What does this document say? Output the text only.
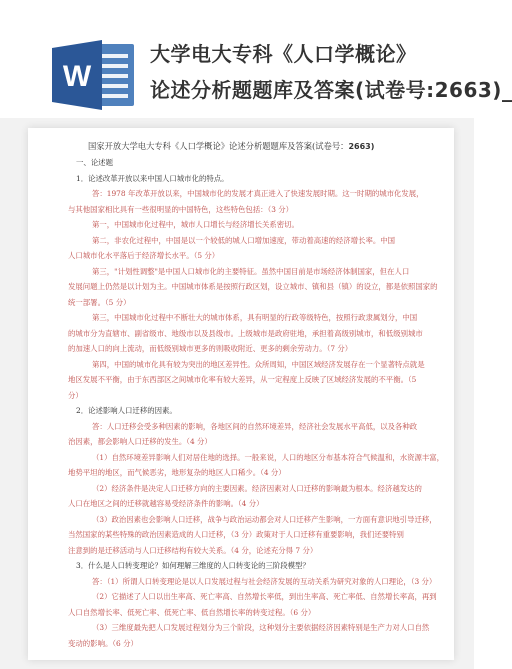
W
大学电大专科《人口学概论》
论述分析题题库及答案(试卷号:2663)_
国家开放大学电大专科《人口学概论》论述分析题题库及答案(试卷号：2663)
一、论述题
1．论述改革开放以来中国人口城市化的特点。
答：1978 年改革开放以来，中国城市化的发展才真正进入了快速发展时期。这一时期的城市化发展，
与其他国家相比具有一些很明显的中国特色，这些特色包括：（3 分）
第一，中国城市化过程中，城市人口增长与经济增长关系密切。
第二，非农化过程中，中国是以一个较低的城人口增加速度，带动着高速的经济增长率。中国
人口城市化水平落后于经济增长水平。（5 分）
第三，"计划性调整"是中国人口城市化的主要特征。虽然中国目前是市场经济体制国家，但在人口
发展问题上仍然是以计划为主。中国城市体系是按照行政区划，设立城市、镇和县（镇）的设立，都是依照国家的
统一部署。（5 分）
第三，中国城市化过程中不断壮大的城市体系，具有明显的行政等级特色，按照行政隶属划分，中国
的城市分为直辖市、副省级市、地级市以及县级市。上级城市是政府驻地，承担着高级别城市，和低级别城市
的加速人口的向上流动，而低级别城市更多的则吸收附近、更多的剩余劳动力。（7 分）
第四，中国的城市化具有较为突出的地区差异性。众所周知，中国区域经济发展存在一个显著特点就是
地区发展不平衡，由于东西部区之间城市化率有较大差异，从一定程度上反映了区域经济发展的不平衡。（5
分）
2．论述影响人口迁移的因素。
答：人口迁移会受多种因素的影响，各地区间的自然环境差异，经济社会发展水平高低，以及各种政
治因素，都会影响人口迁移的发生。（4 分）
（1）自然环境差异影响人们对居住地的选择。一般来说，人口的地区分布基本符合气候温和，水资源丰富，
地势平坦的地区，而气候恶劣，地形复杂的地区人口稀少。（4 分）
（2）经济条件是决定人口迁移方向的主要因素。经济因素对人口迁移的影响最为根本。经济越发达的
人口在地区之间的迁移就越容易受经济条件的影响。（4 分）
（3）政治因素也会影响人口迁移，战争与政治运动都会对人口迁移产生影响，一方面有意识地引导迁移，
当然国家的某些特殊的政治因素造成的人口迁移，（3 分）政策对于人口迁移有重要影响，我们还要特别
注意到的是迁移活动与人口迁移结构有较大关系。（4 分，论述充分得 7 分）
3．什么是人口转变理论？如何理解三维度的人口转变论的三阶段模型？
答：（1）所谓人口转变理论是以人口发展过程与社会经济发展的互动关系为研究对象的人口理论，（3 分）
（2）它描述了人口以出生率高、死亡率高、自然增长率低，到出生率高、死亡率低、自然增长率高，再到
人口自然增长率、低死亡率、低死亡率、低自然增长率的转变过程。（6 分）
（3）三维度最先把人口发展过程划分为三个阶段，这种划分主要依据经济因素特别是生产力对人口自然
变动的影响。（6 分）
